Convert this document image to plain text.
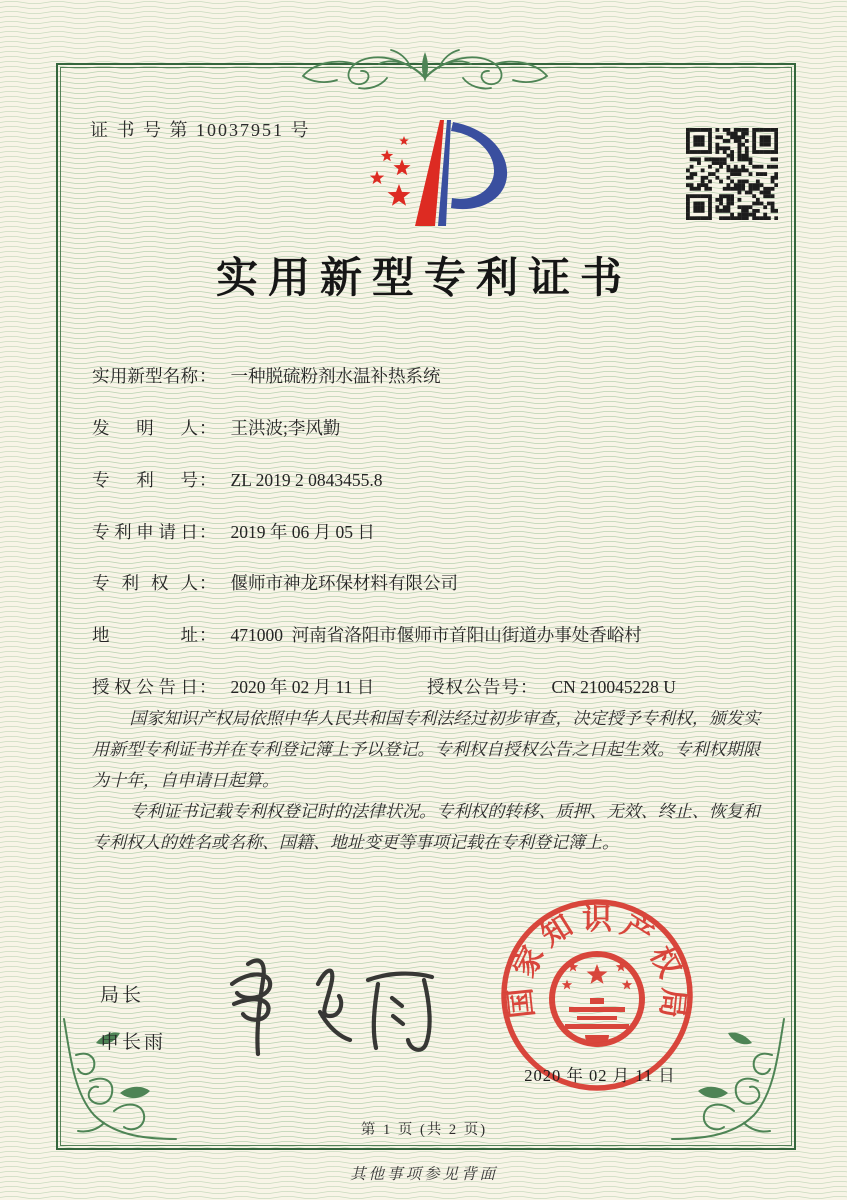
证 书 号 第 10037951 号
实用新型专利证书
实用新型名称： 一种脱硫粉剂水温补热系统
发明人： 王洪波;李风勤
专利号： ZL 2019 2 0843455.8
专利申请日： 2019 年 06 月 05 日
专利权人： 偃师市神龙环保材料有限公司
地址： 471000  河南省洛阳市偃师市首阳山街道办事处香峪村
授权公告日： 2020 年 02 月 11 日	授权公告号： CN 210045228 U

国家知识产权局依照中华人民共和国专利法经过初步审查，决定授予专利权，颁发实用新型专利证书并在专利登记簿上予以登记。专利权自授权公告之日起生效。专利权期限为十年，自申请日起算。

专利证书记载专利权登记时的法律状况。专利权的转移、质押、无效、终止、恢复和专利权人的姓名或名称、国籍、地址变更等事项记载在专利登记簿上。

局长
申长雨
国
家
知 识 产
权
局
2020 年 02 月 11 日
第 1 页 (共 2 页)
其他事项参见背面
